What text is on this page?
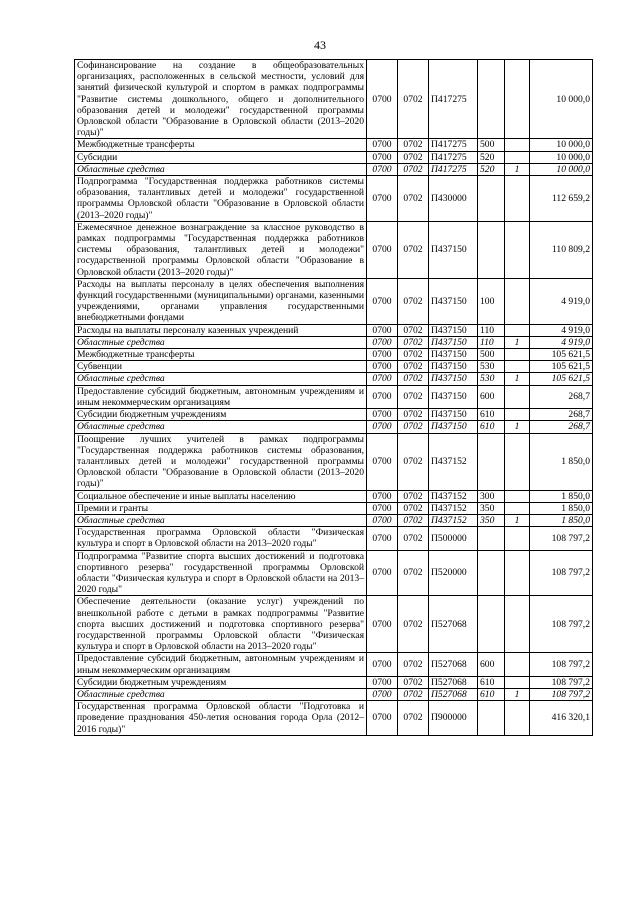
43
Софинансирование на создание в общеобразовательных организациях, расположенных в сельской местности, условий для занятий физической культурой и спортом в рамках подпрограммы "Развитие системы дошкольного, общего и дополнительного образования детей и молодежи" государственной программы Орловской области "Образование в Орловской области (2013–2020 годы)"	0700	0702	П417275			10 000,0
Межбюджетные трансферты	0700	0702	П417275	500		10 000,0
Субсидии	0700	0702	П417275	520		10 000,0
Областные средства	0700	0702	П417275	520	1	10 000,0
Подпрограмма "Государственная поддержка работников системы образования, талантливых детей и молодежи" государственной программы Орловской области "Образование в Орловской области (2013–2020 годы)"	0700	0702	П430000			112 659,2
Ежемесячное денежное вознаграждение за классное руководство в рамках подпрограммы "Государственная поддержка работников системы образования, талантливых детей и молодежи" государственной программы Орловской области "Образование в Орловской области (2013–2020 годы)"	0700	0702	П437150			110 809,2
Расходы на выплаты персоналу в целях обеспечения выполнения функций государственными (муниципальными) органами, казенными учреждениями, органами управления государственными внебюджетными фондами	0700	0702	П437150	100		4 919,0
Расходы на выплаты персоналу казенных учреждений	0700	0702	П437150	110		4 919,0
Областные средства	0700	0702	П437150	110	1	4 919,0
Межбюджетные трансферты	0700	0702	П437150	500		105 621,5
Субвенции	0700	0702	П437150	530		105 621,5
Областные средства	0700	0702	П437150	530	1	105 621,5
Предоставление субсидий бюджетным, автономным учреждениям и иным некоммерческим организациям	0700	0702	П437150	600		268,7
Субсидии бюджетным учреждениям	0700	0702	П437150	610		268,7
Областные средства	0700	0702	П437150	610	1	268,7
Поощрение лучших учителей в рамках подпрограммы "Государственная поддержка работников системы образования, талантливых детей и молодежи" государственной программы Орловской области "Образование в Орловской области (2013–2020 годы)"	0700	0702	П437152			1 850,0
Социальное обеспечение и иные выплаты населению	0700	0702	П437152	300		1 850,0
Премии и гранты	0700	0702	П437152	350		1 850,0
Областные средства	0700	0702	П437152	350	1	1 850,0
Государственная программа Орловской области "Физическая культура и спорт в Орловской области на 2013–2020 годы"	0700	0702	П500000			108 797,2
Подпрограмма "Развитие спорта высших достижений и подготовка спортивного резерва" государственной программы Орловской области "Физическая культура и спорт в Орловской области на 2013–2020 годы"	0700	0702	П520000			108 797,2
Обеспечение деятельности (оказание услуг) учреждений по внешкольной работе с детьми в рамках подпрограммы "Развитие спорта высших достижений и подготовка спортивного резерва" государственной программы Орловской области "Физическая культура и спорт в Орловской области на 2013–2020 годы"	0700	0702	П527068			108 797,2
Предоставление субсидий бюджетным, автономным учреждениям и иным некоммерческим организациям	0700	0702	П527068	600		108 797,2
Субсидии бюджетным учреждениям	0700	0702	П527068	610		108 797,2
Областные средства	0700	0702	П527068	610	1	108 797,2
Государственная программа Орловской области "Подготовка и проведение празднования 450-летия основания города Орла (2012–2016 годы)"	0700	0702	П900000			416 320,1
